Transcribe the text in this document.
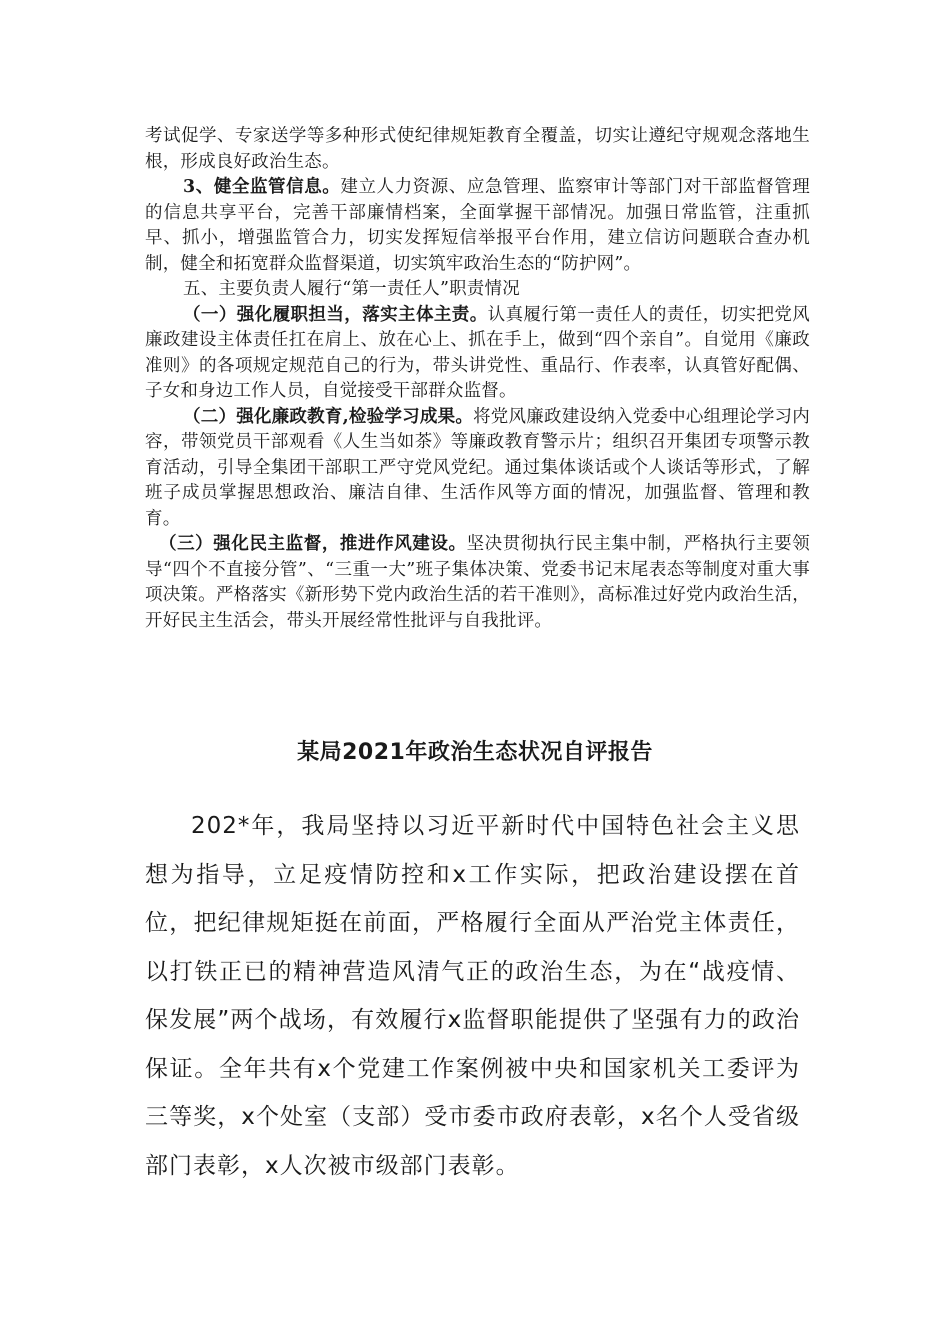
考试促学、专家送学等多种形式使纪律规矩教育全覆盖，切实让遵纪守规观念落地生根，形成良好政治生态。

3、健全监管信息。建立人力资源、应急管理、监察审计等部门对干部监督管理的信息共享平台，完善干部廉情档案，全面掌握干部情况。加强日常监管，注重抓早、抓小，增强监管合力，切实发挥短信举报平台作用，建立信访问题联合查办机制，健全和拓宽群众监督渠道，切实筑牢政治生态的“防护网”。

五、主要负责人履行“第一责任人”职责情况

（一）强化履职担当，落实主体主责。认真履行第一责任人的责任，切实把党风廉政建设主体责任扛在肩上、放在心上、抓在手上，做到“四个亲自”。自觉用《廉政准则》的各项规定规范自己的行为，带头讲党性、重品行、作表率，认真管好配偶、子女和身边工作人员，自觉接受干部群众监督。

（二）强化廉政教育,检验学习成果。将党风廉政建设纳入党委中心组理论学习内容，带领党员干部观看《人生当如茶》等廉政教育警示片；组织召开集团专项警示教育活动，引导全集团干部职工严守党风党纪。通过集体谈话或个人谈话等形式，了解班子成员掌握思想政治、廉洁自律、生活作风等方面的情况，加强监督、管理和教育。

（三）强化民主监督，推进作风建设。坚决贯彻执行民主集中制，严格执行主要领导“四个不直接分管”、“三重一大”班子集体决策、党委书记末尾表态等制度对重大事项决策。严格落实《新形势下党内政治生活的若干准则》，高标准过好党内政治生活，开好民主生活会，带头开展经常性批评与自我批评。

某局2021年政治生态状况自评报告

202*年，我局坚持以习近平新时代中国特色社会主义思想为指导，立足疫情防控和x工作实际，把政治建设摆在首位，把纪律规矩挺在前面，严格履行全面从严治党主体责任，以打铁正已的精神营造风清气正的政治生态，为在“战疫情、保发展”两个战场，有效履行x监督职能提供了坚强有力的政治保证。全年共有x个党建工作案例被中央和国家机关工委评为三等奖，x个处室（支部）受市委市政府表彰，x名个人受省级部门表彰，x人次被市级部门表彰。
